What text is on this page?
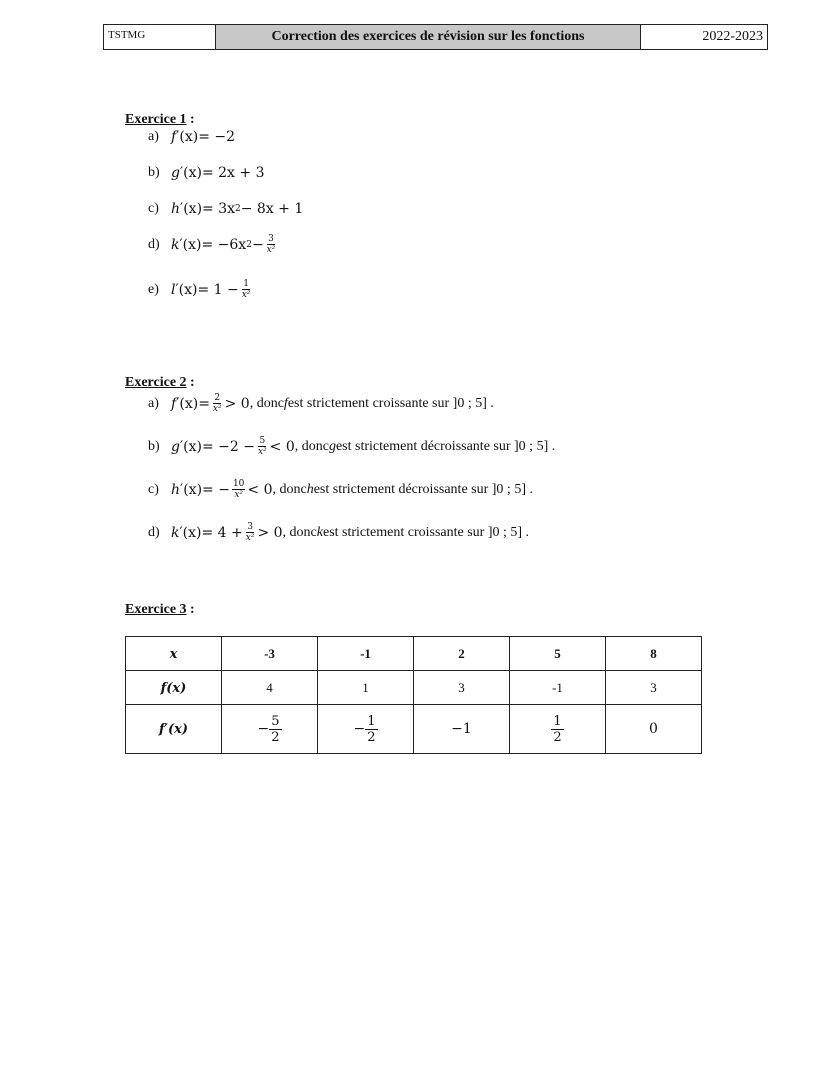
TSTMG	Correction des exercices de révision sur les fonctions	2022-2023
Exercice 1 :
a) f ′(x) = −2
b) g ′(x) = 2x + 3
c) h ′(x) = 3x 2 − 8x + 1
d) k ′(x) = −6x $2 - \frac{3}{\text{x²}}$
e) l $'(x) = 1 - \frac{1}{\text{x²}}$
Exercice 2 :
a) f $'(x) = \frac{2}{\text{x²}} > 0$ , donc f est strictement croissante sur ]0 ; 5] .
b) g $'(x) = -2 - \frac{5}{\text{x²}} < 0$ , donc g est strictement décroissante sur ]0 ; 5] .
c) h ′(x) = − $\frac{10}{\text{x²}} < 0$ , donc h est strictement décroissante sur ]0 ; 5] .
d) k $'(x) = 4 + \frac{3}{\text{x²}} > 0$ , donc k est strictement croissante sur ]0 ; 5] .
Exercice 3 :
x	-3	-1	2	5	8
f(x)	4	1	3	-1	3
f′(x)	− $\frac{5}{2}$	− $\frac{1}{2}$	−1	$\frac{1}{2}$	0
